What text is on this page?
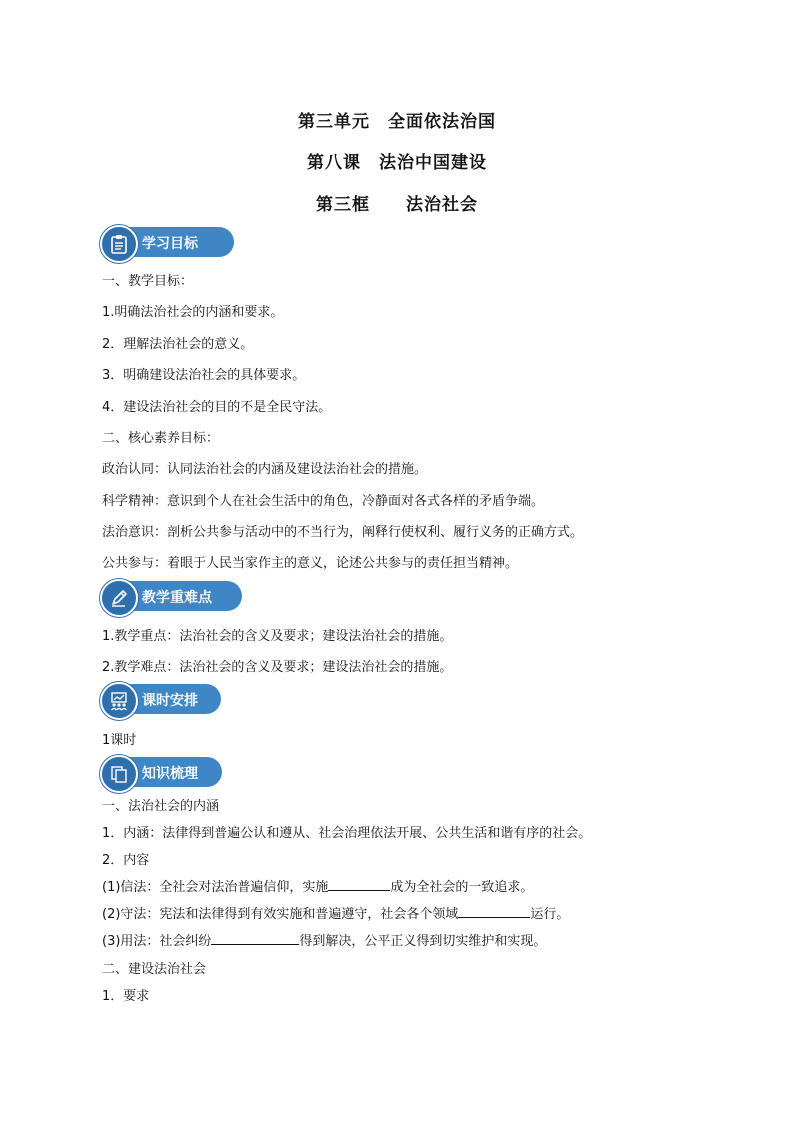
第三单元　全面依法治国
第八课　法治中国建设
第三框　　法治社会
学习目标
一、教学目标：
1.明确法治社会的内涵和要求。
2．理解法治社会的意义。
3．明确建设法治社会的具体要求。
4．建设法治社会的目的不是全民守法。
二、核心素养目标：
政治认同：认同法治社会的内涵及建设法治社会的措施。
科学精神：意识到个人在社会生活中的角色，冷静面对各式各样的矛盾争端。
法治意识：剖析公共参与活动中的不当行为，阐释行使权利、履行义务的正确方式。
公共参与：着眼于人民当家作主的意义，论述公共参与的责任担当精神。
教学重难点
1.教学重点：法治社会的含义及要求；建设法治社会的措施。
2.教学难点：法治社会的含义及要求；建设法治社会的措施。
课时安排
1课时
知识梳理
一、法治社会的内涵
1．内涵：法律得到普遍公认和遵从、社会治理依法开展、公共生活和谐有序的社会。
2．内容
(1)信法：全社会对法治普遍信仰，实施	成为全社会的一致追求。
(2)守法：宪法和法律得到有效实施和普遍遵守，社会各个领域	运行。
(3)用法：社会纠纷	得到解决，公平正义得到切实维护和实现。
二、建设法治社会
1．要求
